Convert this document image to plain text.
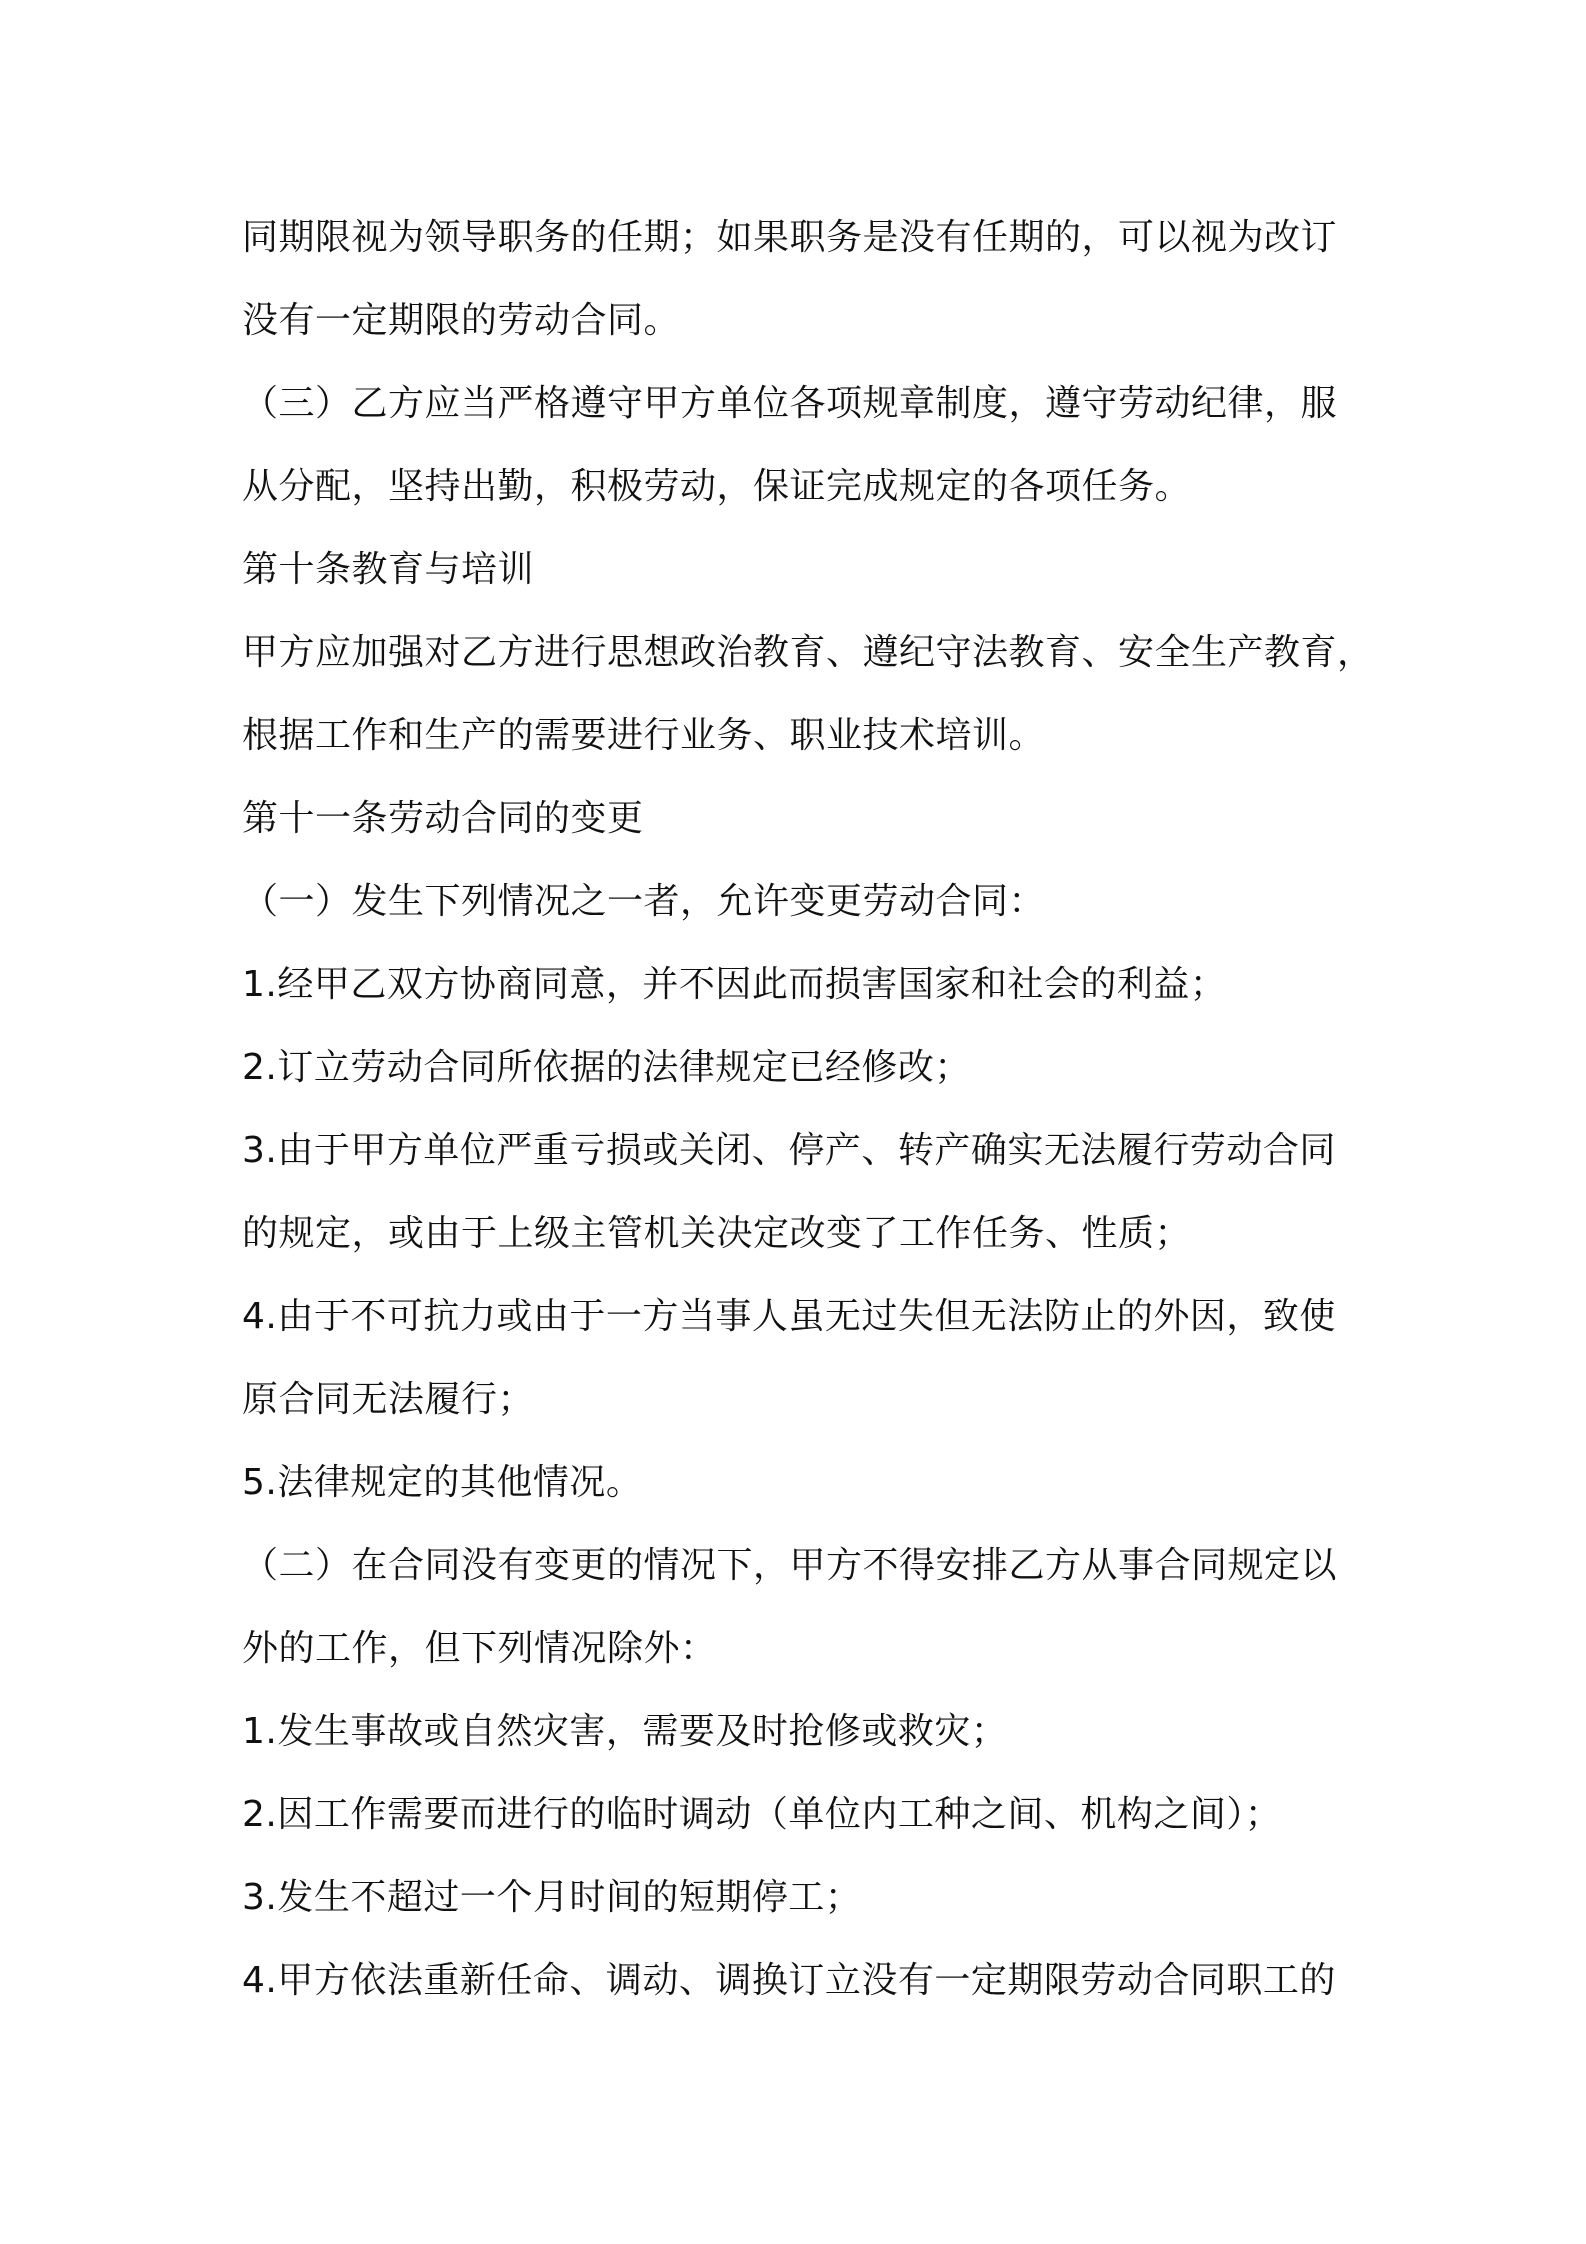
同期限视为领导职务的任期；如果职务是没有任期的，可以视为改订
没有一定期限的劳动合同。
（三）乙方应当严格遵守甲方单位各项规章制度，遵守劳动纪律，服
从分配，坚持出勤，积极劳动，保证完成规定的各项任务。
第十条教育与培训
甲方应加强对乙方进行思想政治教育、遵纪守法教育、安全生产教育，
根据工作和生产的需要进行业务、职业技术培训。
第十一条劳动合同的变更
（一）发生下列情况之一者，允许变更劳动合同：
1.经甲乙双方协商同意，并不因此而损害国家和社会的利益；
2.订立劳动合同所依据的法律规定已经修改；
3.由于甲方单位严重亏损或关闭、停产、转产确实无法履行劳动合同
的规定，或由于上级主管机关决定改变了工作任务、性质；
4.由于不可抗力或由于一方当事人虽无过失但无法防止的外因，致使
原合同无法履行；
5.法律规定的其他情况。
（二）在合同没有变更的情况下，甲方不得安排乙方从事合同规定以
外的工作，但下列情况除外：
1.发生事故或自然灾害，需要及时抢修或救灾；
2.因工作需要而进行的临时调动（单位内工种之间、机构之间）；
3.发生不超过一个月时间的短期停工；
4.甲方依法重新任命、调动、调换订立没有一定期限劳动合同职工的
